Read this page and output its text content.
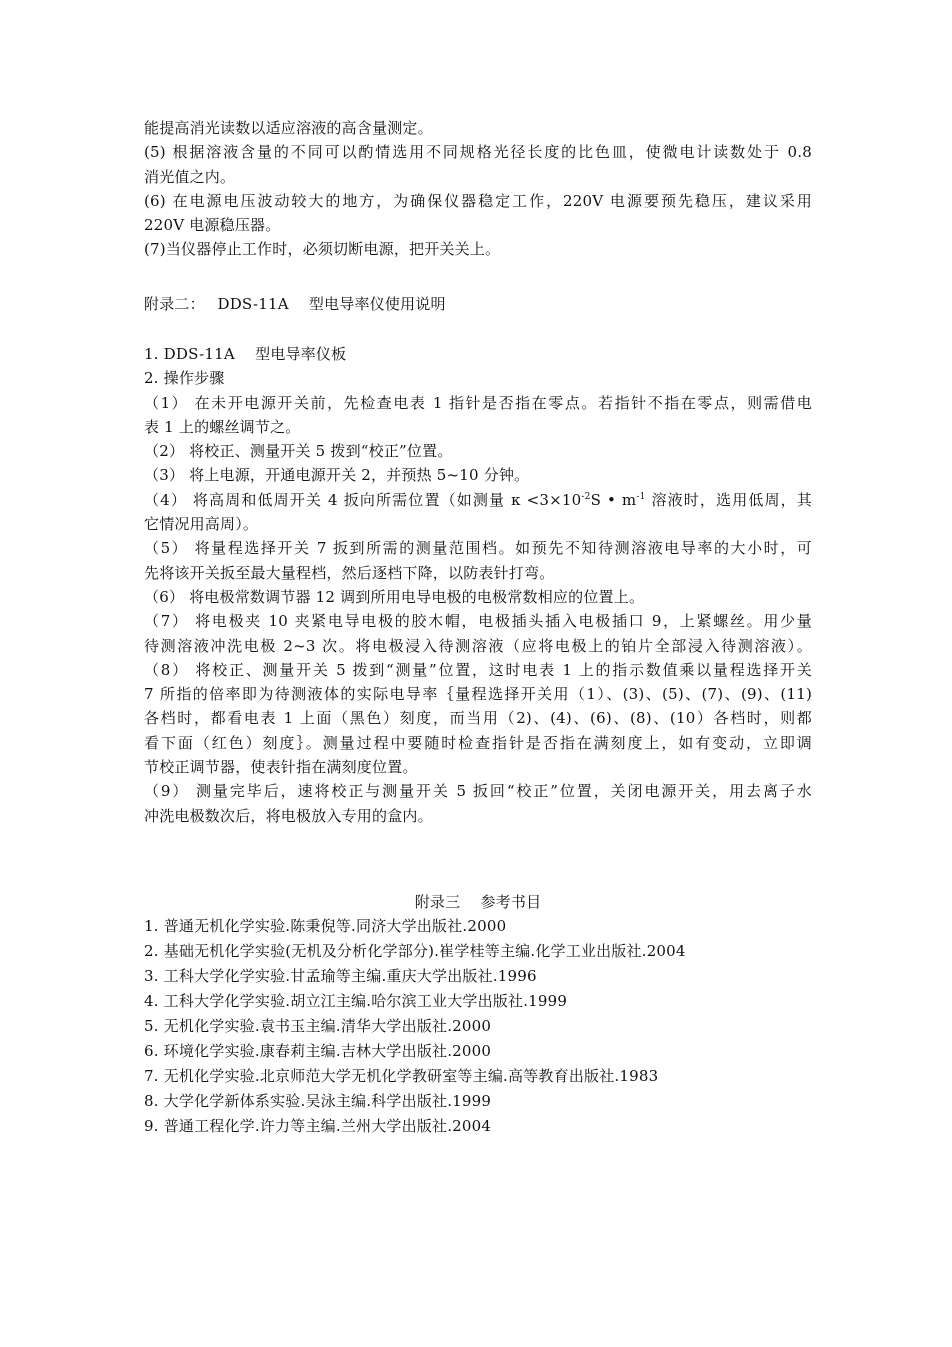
能提高消光读数以适应溶液的高含量测定。
(5) 根据溶液含量的不同可以酌情选用不同规格光径长度的比色皿，使微电计读数处于 0.8
消光值之内。
(6) 在电源电压波动较大的地方，为确保仪器稳定工作，220V 电源要预先稳压，建议采用
220V 电源稳压器。
(7)当仪器停止工作时，必须切断电源，把开关关上。
附录二：　 DDS-11A 　型电导率仪使用说明
1. DDS-11A 　型电导率仪板
2. 操作步骤
（1） 在未开电源开关前，先检查电表 1 指针是否指在零点。若指针不指在零点，则需借电
表 1 上的螺丝调节之。
（2） 将校正、测量开关 5 拨到“校正”位置。
（3） 将上电源，开通电源开关 2，并预热 5~10 分钟。
（4） 将高周和低周开关 4 扳向所需位置（如测量 $\kappa <3\times 10^{-2}S$ • $m^{-1}$ 溶液时，选用低周，其
它情况用高周）。
（5） 将量程选择开关 7 扳到所需的测量范围档。如预先不知待测溶液电导率的大小时，可
先将该开关扳至最大量程档，然后逐档下降，以防表针打弯。
（6） 将电极常数调节器 12 调到所用电导电极的电极常数相应的位置上。
（7） 将电极夹 10 夹紧电导电极的胶木帽，电极插头插入电极插口 9，上紧螺丝。用少量
待测溶液冲洗电极 2~3 次。将电极浸入待测溶液（应将电极上的铂片全部浸入待测溶液）。
（8） 将校正、测量开关 5 拨到“测量”位置，这时电表 1 上的指示数值乘以量程选择开关
7 所指的倍率即为待测液体的实际电导率｛量程选择开关用（1）、(3)、(5)、(7)、(9)、(11)
各档时，都看电表 1 上面（黑色）刻度，而当用（2)、(4)、(6)、(8)、(10）各档时，则都
看下面（红色）刻度｝。测量过程中要随时检查指针是否指在满刻度上，如有变动，立即调
节校正调节器，使表针指在满刻度位置。
（9） 测量完毕后，速将校正与测量开关 5 扳回“校正”位置，关闭电源开关，用去离子水
冲洗电极数次后，将电极放入专用的盒内。
附录三　 参考书目
1. 普通无机化学实验.陈秉倪等.同济大学出版社.2000
2. 基础无机化学实验(无机及分析化学部分).崔学桂等主编.化学工业出版社.2004
3. 工科大学化学实验.甘孟瑜等主编.重庆大学出版社.1996
4. 工科大学化学实验.胡立江主编.哈尔滨工业大学出版社.1999
5. 无机化学实验.袁书玉主编.清华大学出版社.2000
6. 环境化学实验.康春莉主编.吉林大学出版社.2000
7. 无机化学实验.北京师范大学无机化学教研室等主编.高等教育出版社.1983
8. 大学化学新体系实验.吴泳主编.科学出版社.1999
9. 普通工程化学.许力等主编.兰州大学出版社.2004
